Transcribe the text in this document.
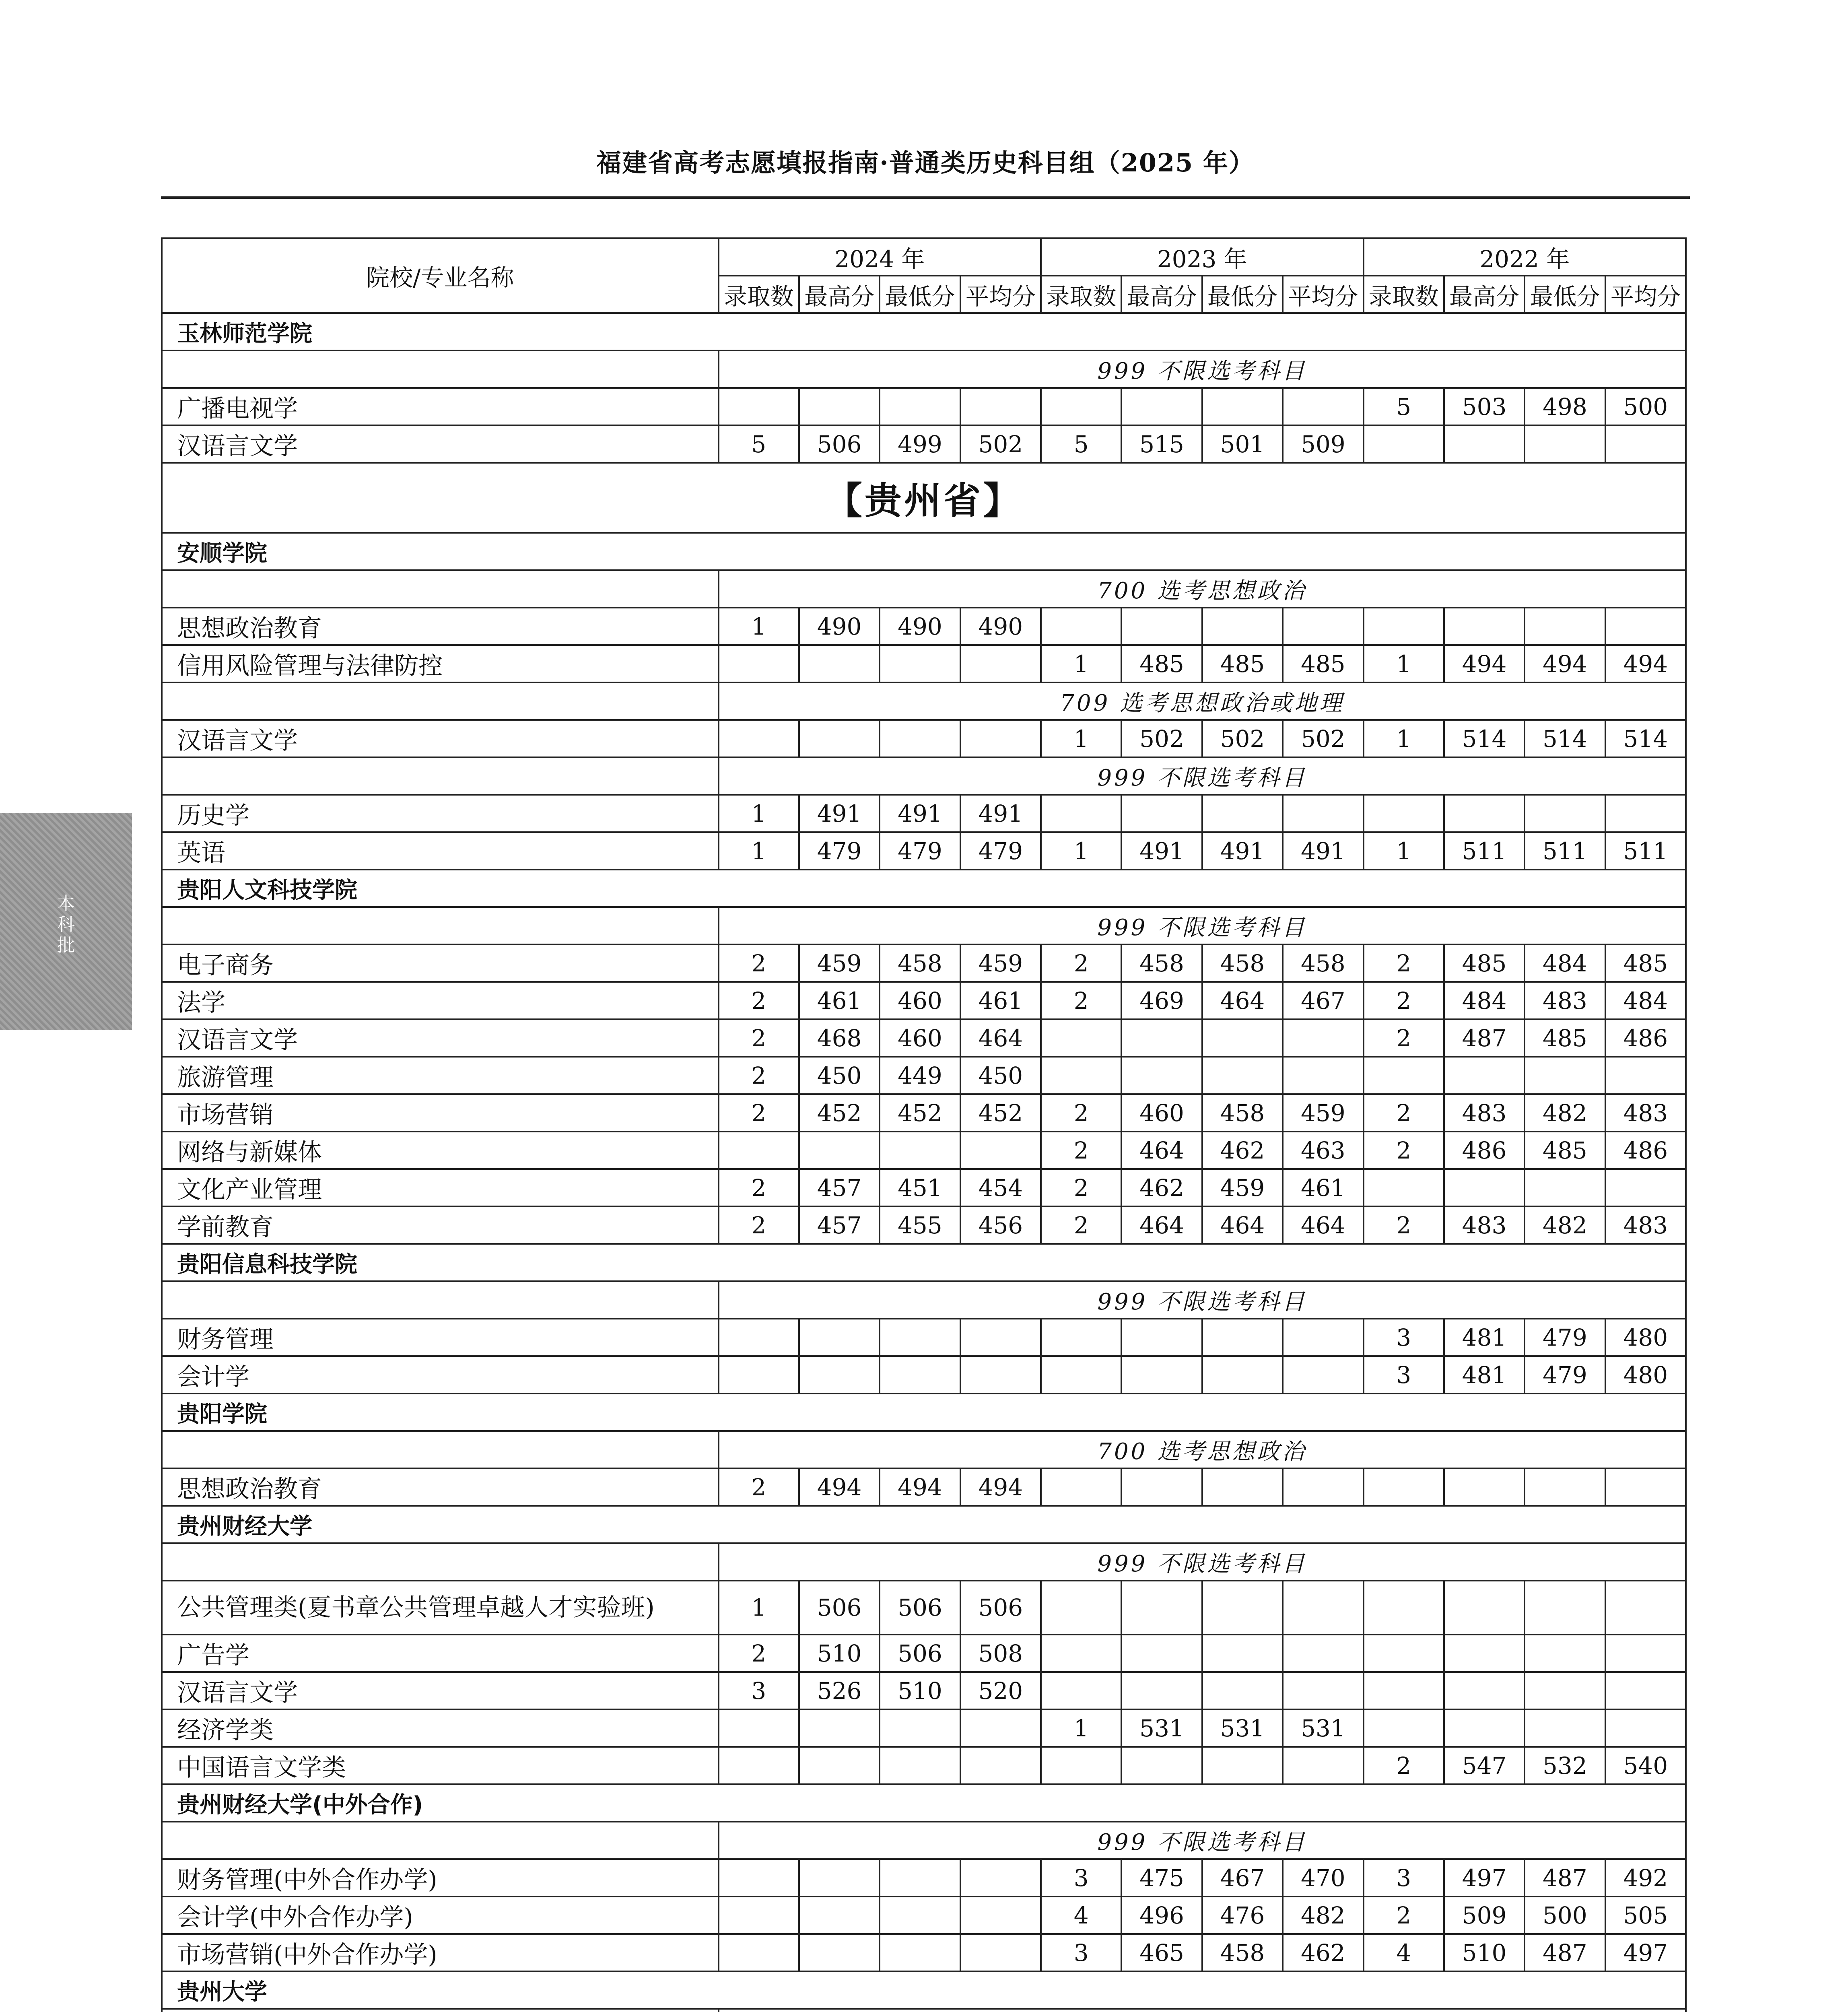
福建省高考志愿填报指南·普通类历史科目组（2025 年）
本
科
批
院校/专业名称	2024 年				2023 年				2022 年			
	录取数	最高分	最低分	平均分	录取数	最高分	最低分	平均分	录取数	最高分	最低分	平均分
玉林师范学院												
	999 不限选考科目											
广播电视学									5	503	498	500
汉语言文学	5	506	499	502	5	515	501	509				
【贵州省】												
安顺学院												
	700 选考思想政治											
思想政治教育	1	490	490	490								
信用风险管理与法律防控					1	485	485	485	1	494	494	494
	709 选考思想政治或地理											
汉语言文学					1	502	502	502	1	514	514	514
	999 不限选考科目											
历史学	1	491	491	491								
英语	1	479	479	479	1	491	491	491	1	511	511	511
贵阳人文科技学院												
	999 不限选考科目											
电子商务	2	459	458	459	2	458	458	458	2	485	484	485
法学	2	461	460	461	2	469	464	467	2	484	483	484
汉语言文学	2	468	460	464					2	487	485	486
旅游管理	2	450	449	450								
市场营销	2	452	452	452	2	460	458	459	2	483	482	483
网络与新媒体					2	464	462	463	2	486	485	486
文化产业管理	2	457	451	454	2	462	459	461				
学前教育	2	457	455	456	2	464	464	464	2	483	482	483
贵阳信息科技学院												
	999 不限选考科目											
财务管理									3	481	479	480
会计学									3	481	479	480
贵阳学院												
	700 选考思想政治											
思想政治教育	2	494	494	494								
贵州财经大学												
	999 不限选考科目											
公共管理类(夏书章公共管理卓越人才实验班)	1	506	506	506								
广告学	2	510	506	508								
汉语言文学	3	526	510	520								
经济学类					1	531	531	531				
中国语言文学类									2	547	532	540
贵州财经大学(中外合作)												
	999 不限选考科目											
财务管理(中外合作办学)					3	475	467	470	3	497	487	492
会计学(中外合作办学)					4	496	476	482	2	509	500	505
市场营销(中外合作办学)					3	465	458	462	4	510	487	497
贵州大学												
